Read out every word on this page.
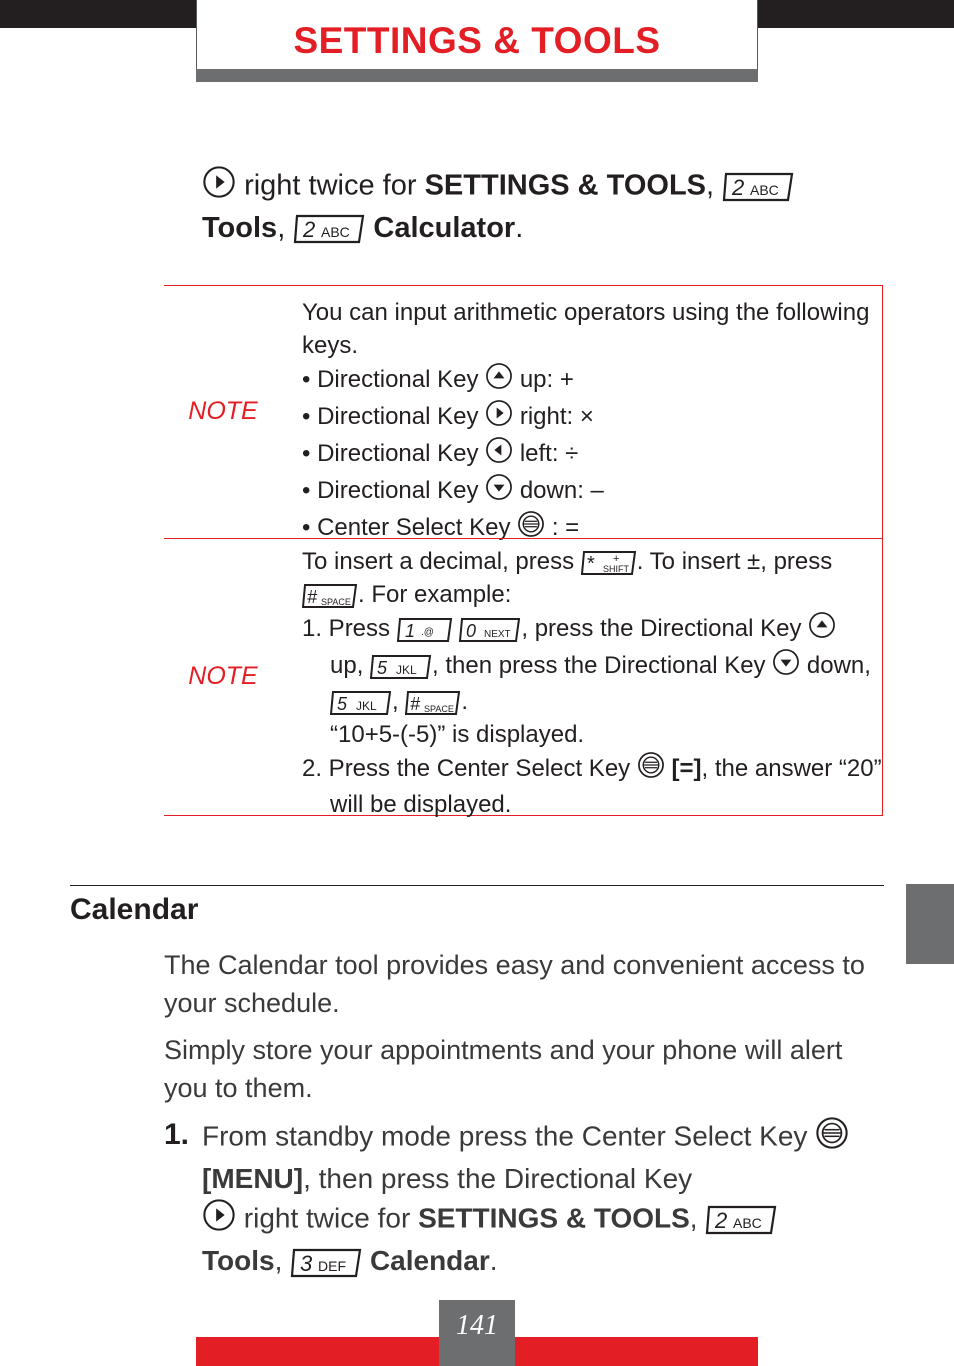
SETTINGS & TOOLS
right twice for SETTINGS & TOOLS, 2 ABC

Tools, 2 ABC Calculator.
NOTE
You can input arithmetic operators using the following keys.
• Directional Key up: +
• Directional Key right: ×
• Directional Key left: ÷
• Directional Key down: –
• Center Select Key : =
NOTE
To insert a decimal, press * SHIFT
+ . To insert ±, press
# SPACE . For example:
1. Press 1 .@
0 NEXT , press the Directional Key
up, 5 JKL , then press the Directional Key down,
5 JKL , # SPACE .
“10+5-(-5)” is displayed.
2. Press the Center Select Key [=], the answer “20”
will be displayed.
Calendar
The Calendar tool provides easy and convenient access to your schedule.
Simply store your appointments and your phone will alert you to them.
1. From standby mode press the Center Select Key  [MENU], then press the Directional Key
right twice for SETTINGS & TOOLS, 2 ABC

Tools, 3 DEF Calendar.
141
